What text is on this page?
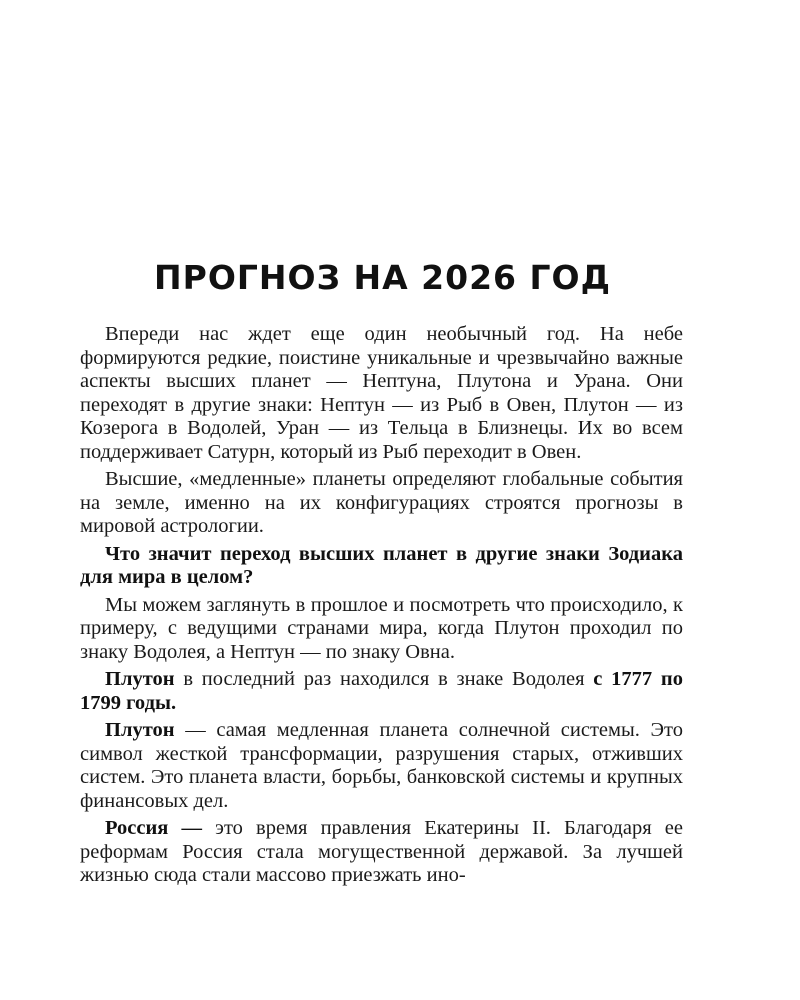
ПРОГНОЗ НА 2026 ГОД

Впереди нас ждет еще один необычный год. На небе формируются редкие, поистине уникальные и чрезвычайно важные аспекты высших планет — Нептуна, Плутона и Урана. Они переходят в другие знаки: Нептун — из Рыб в Овен, Плутон — из Козерога в Водолей, Уран — из Тельца в Близнецы. Их во всем поддерживает Сатурн, который из Рыб переходит в Овен.

Высшие, «медленные» планеты определяют глобальные события на земле, именно на их конфигурациях строятся прогнозы в мировой астрологии.

Что значит переход высших планет в другие знаки Зодиака для мира в целом?

Мы можем заглянуть в прошлое и посмотреть что происходило, к примеру, с ведущими странами мира, когда Плутон проходил по знаку Водолея, а Нептун — по знаку Овна.

Плутон в последний раз находился в знаке Водолея с 1777 по 1799 годы.

Плутон — самая медленная планета солнечной системы. Это символ жесткой трансформации, разрушения старых, отживших систем. Это планета власти, борьбы, банковской системы и крупных финансовых дел.

Россия — это время правления Екатерины II. Благодаря ее реформам Россия стала могущественной державой. За лучшей жизнью сюда стали массово приезжать ино-
